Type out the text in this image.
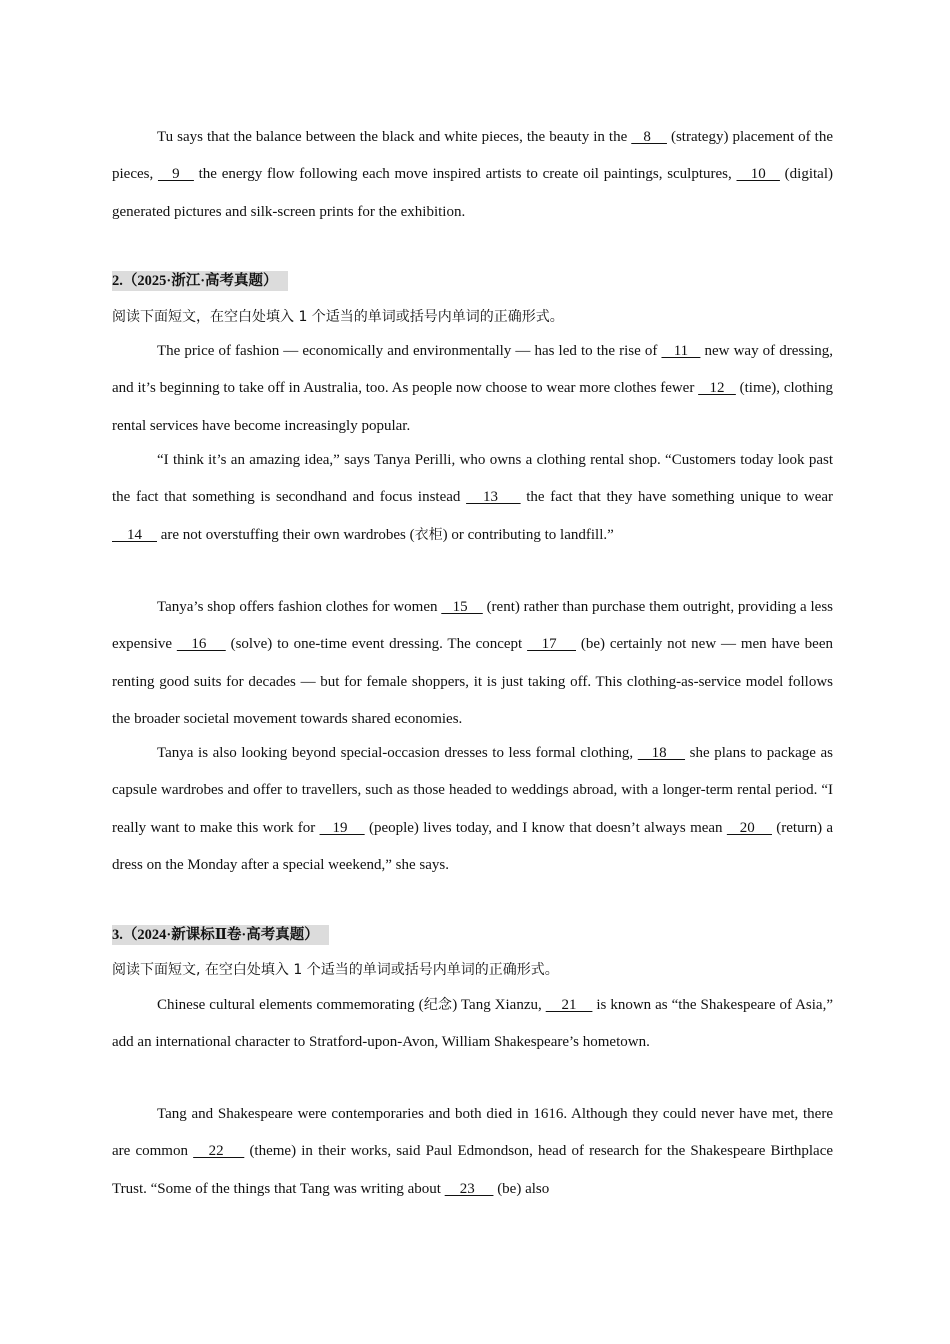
Tu says that the balance between the black and white pieces, the beauty in the    8     (strategy) placement of the pieces,    9    the energy flow following each move inspired artists to create oil paintings, sculptures,    10    (digital) generated pictures and silk-screen prints for the exhibition.
2.（2025·浙江·高考真题）
阅读下面短文，在空白处填入 1 个适当的单词或括号内单词的正确形式。
The price of fashion — economically and environmentally — has led to the rise of    11    new way of dressing, and it’s beginning to take off in Australia, too. As people now choose to wear more clothes fewer    12    (time), clothing rental services have become increasingly popular.
“I think it’s an amazing idea,” says Tanya Perilli, who owns a clothing rental shop. “Customers today look past the fact that something is secondhand and focus instead    13     the fact that they have something unique to wear     14     are not overstuffing their own wardrobes (衣柜) or contributing to landfill.”
Tanya’s shop offers fashion clothes for women    15     (rent) rather than purchase them outright, providing a less expensive    16     (solve) to one-time event dressing. The concept    17     (be) certainly not new — men have been renting good suits for decades — but for female shoppers, it is just taking off. This clothing-as-service model follows the broader societal movement towards shared economies.
Tanya is also looking beyond special-occasion dresses to less formal clothing,    18     she plans to package as capsule wardrobes and offer to travellers, such as those headed to weddings abroad, with a longer-term rental period. “I really want to make this work for    19     (people) lives today, and I know that doesn’t always mean    20     (return) a dress on the Monday after a special weekend,” she says.
3.（2024·新课标Ⅱ卷·高考真题）
阅读下面短文, 在空白处填入 1 个适当的单词或括号内单词的正确形式。
Chinese cultural elements commemorating (纪念) Tang Xianzu,     21     is known as “the Shakespeare of Asia,” add an international character to Stratford-upon-Avon, William Shakespeare’s hometown.
Tang and Shakespeare were contemporaries and both died in 1616. Although they could never have met, there are common    22     (theme) in their works, said Paul Edmondson, head of research for the Shakespeare Birthplace Trust. “Some of the things that Tang was writing about     23      (be) also
